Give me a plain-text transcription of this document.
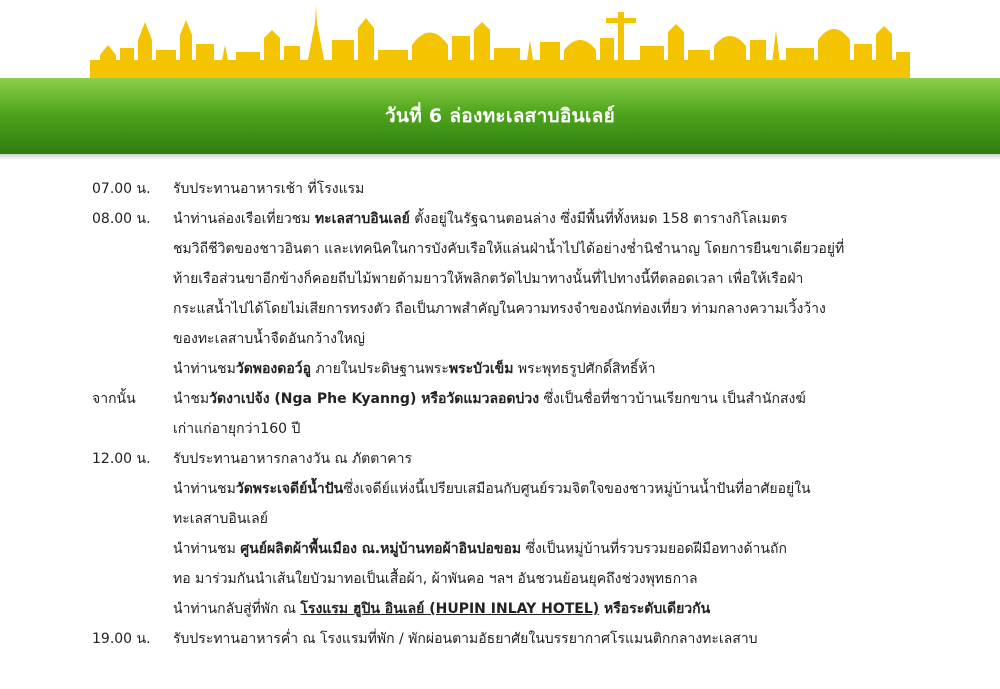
วันที่ 6 ล่องทะเลสาบอินเลย์
07.00 น. รับประทานอาหารเช้า ที่โรงแรม
08.00 น. นำท่านล่องเรือเที่ยวชม ทะเลสาบอินเลย์ ตั้งอยู่ในรัฐฉานตอนล่าง ซึ่งมีพื้นที่ทั้งหมด 158 ตารางกิโลเมตร
ชมวิถีชีวิตของชาวอินตา และเทคนิคในการบังคับเรือให้แล่นฝ่าน้ำไปได้อย่างช่ำนิชำนาญ โดยการยืนขาเดียวอยู่ที่
ท้ายเรือส่วนขาอีกข้างก็คอยถีบไม้พายด้ามยาวให้พลิกตวัดไปมาทางนั้นที่ไปทางนี้ทีตลอดเวลา เพื่อให้เรือฝ่า
กระแสน้ำไปได้โดยไม่เสียการทรงตัว ถือเป็นภาพสำคัญในความทรงจำของนักท่องเที่ยว ท่ามกลางความเวิ้งว้าง
ของทะเลสาบน้ำจืดอันกว้างใหญ่
นำท่านชมวัดพองดอว์อู ภายในประดิษฐานพระพระบัวเข็ม พระพุทธรูปศักดิ์สิทธิ์ห้า
จากนั้น	นำชมวัดงาเปจ้ง (Nga Phe Kyanng) หรือวัดแมวลอดบ่วง ซึ่งเป็นชื่อที่ชาวบ้านเรียกขาน เป็นสำนักสงฆ์
เก่าแก่อายุกว่า160 ปี
12.00 น. รับประทานอาหารกลางวัน ณ ภัตตาคาร
นำท่านชมวัดพระเจดีย์น้ำปันซึ่งเจดีย์แห่งนี้เปรียบเสมือนกับศูนย์รวมจิตใจของชาวหมู่บ้านน้ำปันที่อาศัยอยู่ใน
ทะเลสาบอินเลย์
นำท่านชม ศูนย์ผลิตผ้าพื้นเมือง ณ.หมู่บ้านทอผ้าอินปอขอม ซึ่งเป็นหมู่บ้านที่รวบรวมยอดฝีมือทางด้านถัก
ทอ มาร่วมกันนำเส้นใยบัวมาทอเป็นเสื้อผ้า, ผ้าพันคอ ฯลฯ อันชวนย้อนยุคถึงช่วงพุทธกาล
นำท่านกลับสู่ที่พัก ณ โรงแรม ฮูปิน อินเลย์ (HUPIN INLAY HOTEL) หรือระดับเดียวกัน
19.00 น. รับประทานอาหารค่ำ ณ โรงแรมที่พัก / พักผ่อนตามอัธยาศัยในบรรยากาศโรแมนติกกลางทะเลสาบ
